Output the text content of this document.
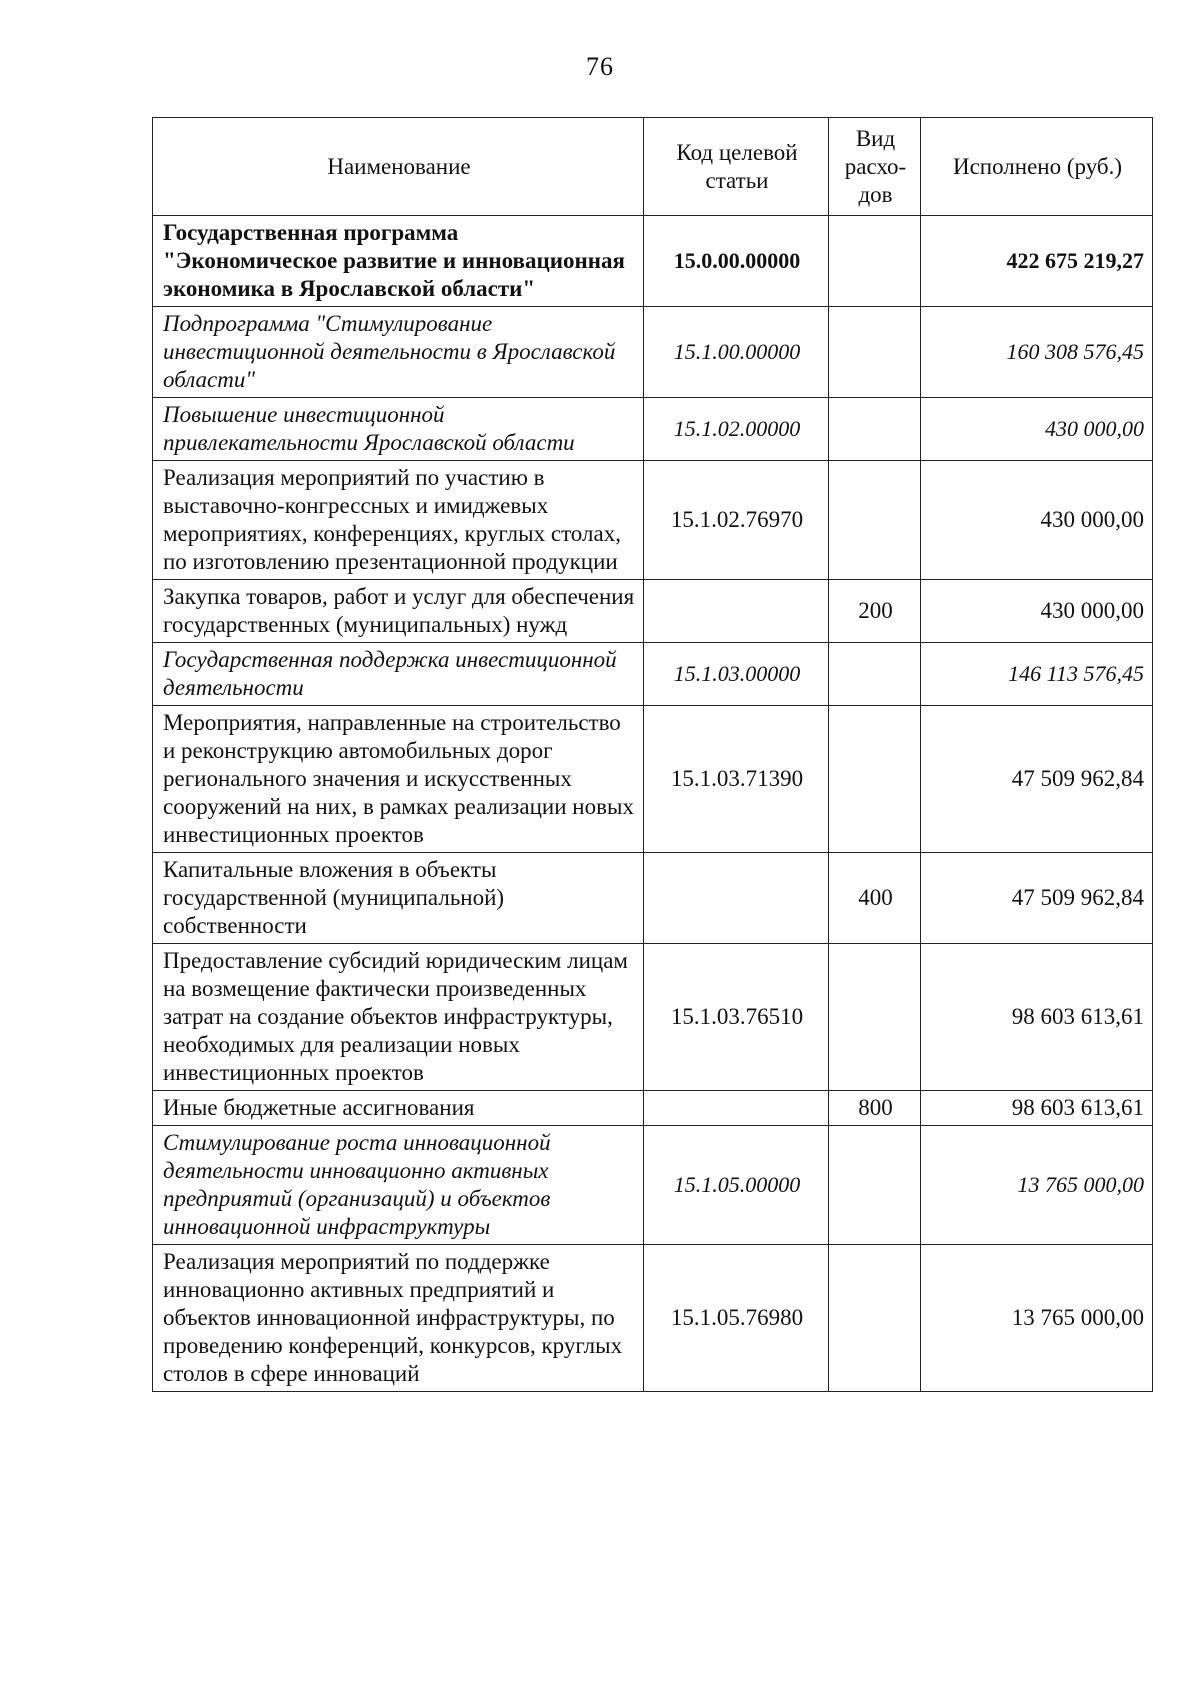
76
Наименование	Код целевой статьи	Вид расхо-дов	Исполнено (руб.)
Государственная программа "Экономическое развитие и инновационная экономика в Ярославской области"	15.0.00.00000		422 675 219,27
Подпрограмма "Стимулирование инвестиционной деятельности в Ярославской области"	15.1.00.00000		160 308 576,45
Повышение инвестиционной привлекательности Ярославской области	15.1.02.00000		430 000,00
Реализация мероприятий по участию в выставочно-конгрессных и имиджевых мероприятиях, конференциях, круглых столах, по изготовлению презентационной продукции	15.1.02.76970		430 000,00
Закупка товаров, работ и услуг для обеспечения государственных (муниципальных) нужд		200	430 000,00
Государственная поддержка инвестиционной деятельности	15.1.03.00000		146 113 576,45
Мероприятия, направленные на строительство и реконструкцию автомобильных дорог регионального значения и искусственных сооружений на них, в рамках реализации новых инвестиционных проектов	15.1.03.71390		47 509 962,84
Капитальные вложения в объекты государственной (муниципальной) собственности		400	47 509 962,84
Предоставление субсидий юридическим лицам на возмещение фактически произведенных затрат на создание объектов инфраструктуры, необходимых для реализации новых инвестиционных проектов	15.1.03.76510		98 603 613,61
Иные бюджетные ассигнования		800	98 603 613,61
Стимулирование роста инновационной деятельности инновационно активных предприятий (организаций) и объектов инновационной инфраструктуры	15.1.05.00000		13 765 000,00
Реализация мероприятий по поддержке инновационно активных предприятий и объектов инновационной инфраструктуры, по проведению конференций, конкурсов, круглых столов в сфере инноваций	15.1.05.76980		13 765 000,00
